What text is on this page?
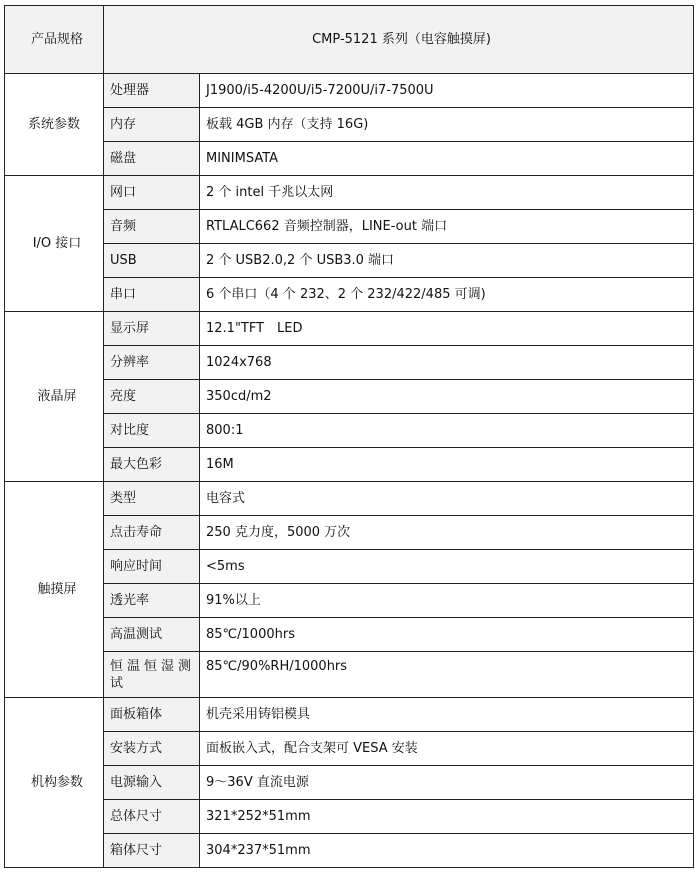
产品规格	CMP-5121 系列（电容触摸屏)	
系统参数	处理器	J1900/i5-4200U/i5-7200U/i7-7500U
	内存	板载 4GB 内存（支持 16G)
	磁盘	MINIMSATA
I/O 接口	网口	2 个 intel 千兆以太网
	音频	RTLALC662 音频控制器，LINE-out 端口
	USB	2 个 USB2.0,2 个 USB3.0 端口
	串口	6 个串口（4 个 232、2 个 232/422/485 可调)
液晶屏	显示屏	12.1"TFT　LED
	分辨率	1024x768
	亮度	350cd/m2
	对比度	800:1
	最大色彩	16M
触摸屏	类型	电容式
	点击寿命	250 克力度，5000 万次
	响应时间	<5ms
	透光率	91%以上
	高温测试	85℃/1000hrs
	恒温恒湿测试	85℃/90%RH/1000hrs
机构参数	面板箱体	机壳采用铸铝模具
	安装方式	面板嵌入式，配合支架可 VESA 安装
	电源输入	9～36V 直流电源
	总体尺寸	321*252*51mm
	箱体尺寸	304*237*51mm
